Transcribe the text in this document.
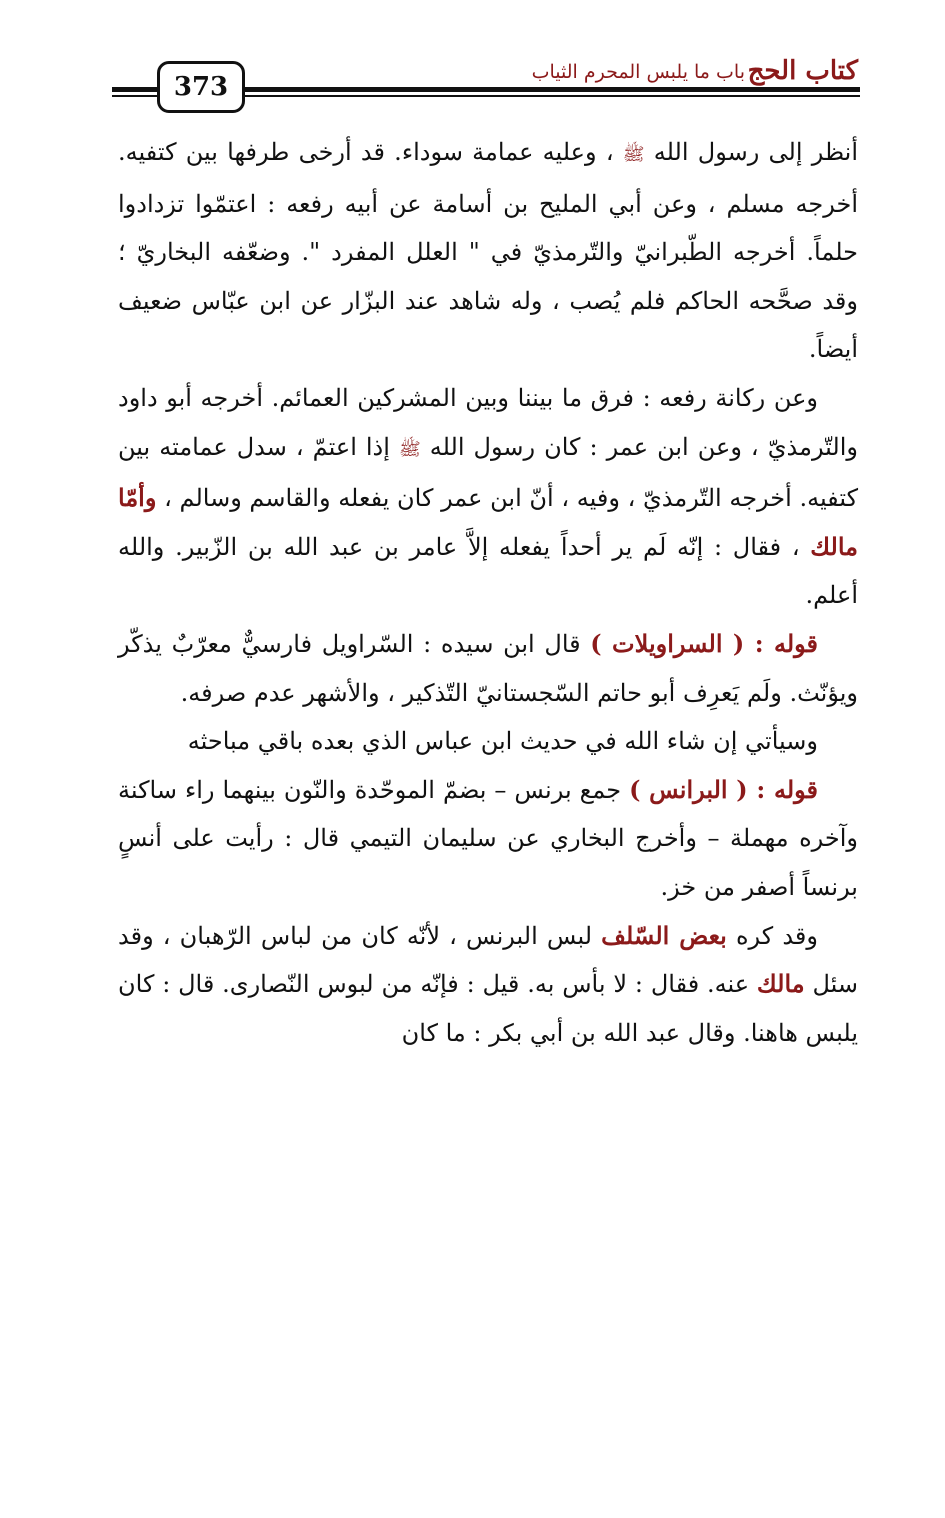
كتاب الحج
باب ما يلبس المحرم الثياب
373

أنظر إلى رسول الله ﷺ ، وعليه عمامة سوداء. قد أرخى طرفها بين كتفيه. أخرجه مسلم ، وعن أبي المليح بن أسامة عن أبيه رفعه : اعتمّوا تزدادوا حلماً. أخرجه الطّبرانيّ والتّرمذيّ في " العلل المفرد ". وضعّفه البخاريّ ؛ وقد صحَّحه الحاكم فلم يُصب ، وله شاهد عند البزّار عن ابن عبّاس ضعيف أيضاً.

وعن ركانة رفعه : فرق ما بيننا وبين المشركين العمائم. أخرجه أبو داود والتّرمذيّ ، وعن ابن عمر : كان رسول الله ﷺ إذا اعتمّ ، سدل عمامته بين كتفيه. أخرجه التّرمذيّ ، وفيه ، أنّ ابن عمر كان يفعله والقاسم وسالم ، وأمّا مالك ، فقال : إنّه لَم ير أحداً يفعله إلاَّ عامر بن عبد الله بن الزّبير. والله أعلم.

قوله : ( السراويلات ) قال ابن سيده : السّراويل فارسيٌّ معرّبٌ يذكّر ويؤنّث. ولَم يَعرِف أبو حاتم السّجستانيّ التّذكير ، والأشهر عدم صرفه.

وسيأتي إن شاء الله في حديث ابن عباس الذي بعده باقي مباحثه

قوله : ( البرانس ) جمع برنس – بضمّ الموحّدة والنّون بينهما راء ساكنة وآخره مهملة – وأخرج البخاري عن سليمان التيمي قال : رأيت على أنسٍ برنساً أصفر من خز.

وقد كره بعض السّلف لبس البرنس ، لأنّه كان من لباس الرّهبان ، وقد سئل مالك عنه. فقال : لا بأس به. قيل : فإنّه من لبوس النّصارى. قال : كان يلبس هاهنا. وقال عبد الله بن أبي بكر : ما كان
